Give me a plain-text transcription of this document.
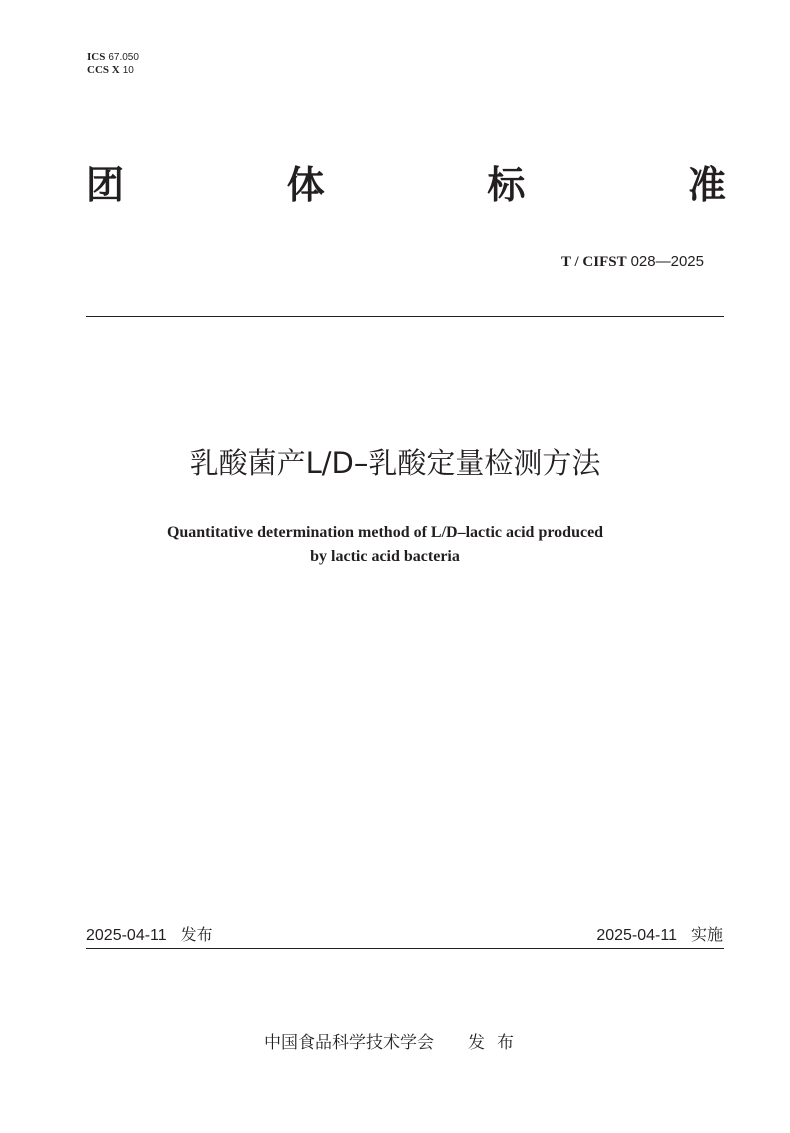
ICS 67.050
CCS X 10
团	体	标	准
T / CIFST 028—2025
乳酸菌产L/D–乳酸定量检测方法
Quantitative determination method of L/D–lactic acid produced
by lactic acid bacteria
2025-04-11 发布	2025-04-11 实施
中国食品科学技术学会 发布
